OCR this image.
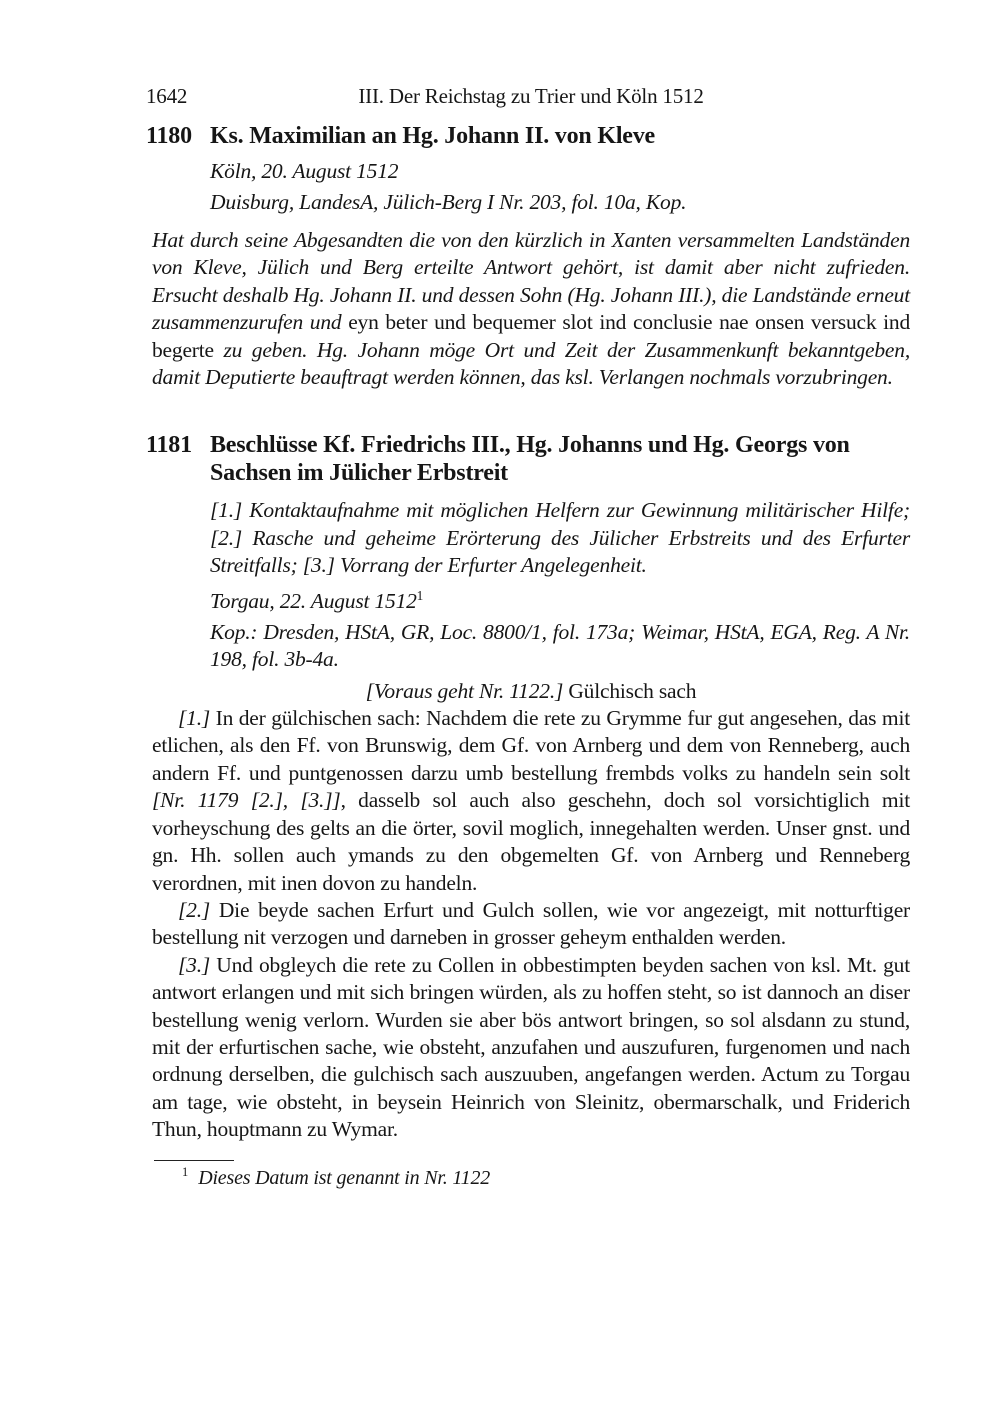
1642	III. Der Reichstag zu Trier und Köln 1512
1180 Ks. Maximilian an Hg. Johann II. von Kleve
Köln, 20. August 1512
Duisburg, LandesA, Jülich-Berg I Nr. 203, fol. 10a, Kop.

Hat durch seine Abgesandten die von den kürzlich in Xanten versammelten Landständen von Kleve, Jülich und Berg erteilte Antwort gehört, ist damit aber nicht zufrieden. Ersucht deshalb Hg. Johann II. und dessen Sohn (Hg. Johann III.), die Landstände erneut zusammenzurufen und eyn beter und bequemer slot ind conclusie nae onsen versuck ind begerte zu geben. Hg. Johann möge Ort und Zeit der Zusammenkunft bekanntgeben, damit Deputierte beauftragt werden können, das ksl. Verlangen nochmals vorzubringen.

1181 Beschlüsse Kf. Friedrichs III., Hg. Johanns und Hg. Georgs von Sachsen im Jülicher Erbstreit
[1.] Kontaktaufnahme mit möglichen Helfern zur Gewinnung militärischer Hilfe; [2.] Rasche und geheime Erörterung des Jülicher Erbstreits und des Erfurter Streitfalls; [3.] Vorrang der Erfurter Angelegenheit.
Torgau, 22. August 1512$^1$
Kop.: Dresden, HStA, GR, Loc. 8800/1, fol. 173a; Weimar, HStA, EGA, Reg. A Nr. 198, fol. 3b-4a.
[Voraus geht Nr. 1122.] Gülchisch sach

[1.] In der gülchischen sach: Nachdem die rete zu Grymme fur gut angesehen, das mit etlichen, als den Ff. von Brunswig, dem Gf. von Arnberg und dem von Renneberg, auch andern Ff. und puntgenossen darzu umb bestellung frembds volks zu handeln sein solt [Nr. 1179 [2.], [3.]], dasselb sol auch also geschehn, doch sol vorsichtiglich mit vorheyschung des gelts an die örter, sovil moglich, innegehalten werden. Unser gnst. und gn. Hh. sollen auch ymands zu den obgemelten Gf. von Arnberg und Renneberg verordnen, mit inen dovon zu handeln.

[2.] Die beyde sachen Erfurt und Gulch sollen, wie vor angezeigt, mit notturftiger bestellung nit verzogen und darneben in grosser geheym enthalden werden.

[3.] Und obgleych die rete zu Collen in obbestimpten beyden sachen von ksl. Mt. gut antwort erlangen und mit sich bringen würden, als zu hoffen steht, so ist dannoch an diser bestellung wenig verlorn. Wurden sie aber bös antwort bringen, so sol alsdann zu stund, mit der erfurtischen sache, wie obsteht, anzufahen und auszufuren, furgenomen und nach ordnung derselben, die gulchisch sach auszuuben, angefangen werden. Actum zu Torgau am tage, wie obsteht, in beysein Heinrich von Sleinitz, obermarschalk, und Friderich Thun, houptmann zu Wymar.

$^1$ Dieses Datum ist genannt in Nr. 1122
